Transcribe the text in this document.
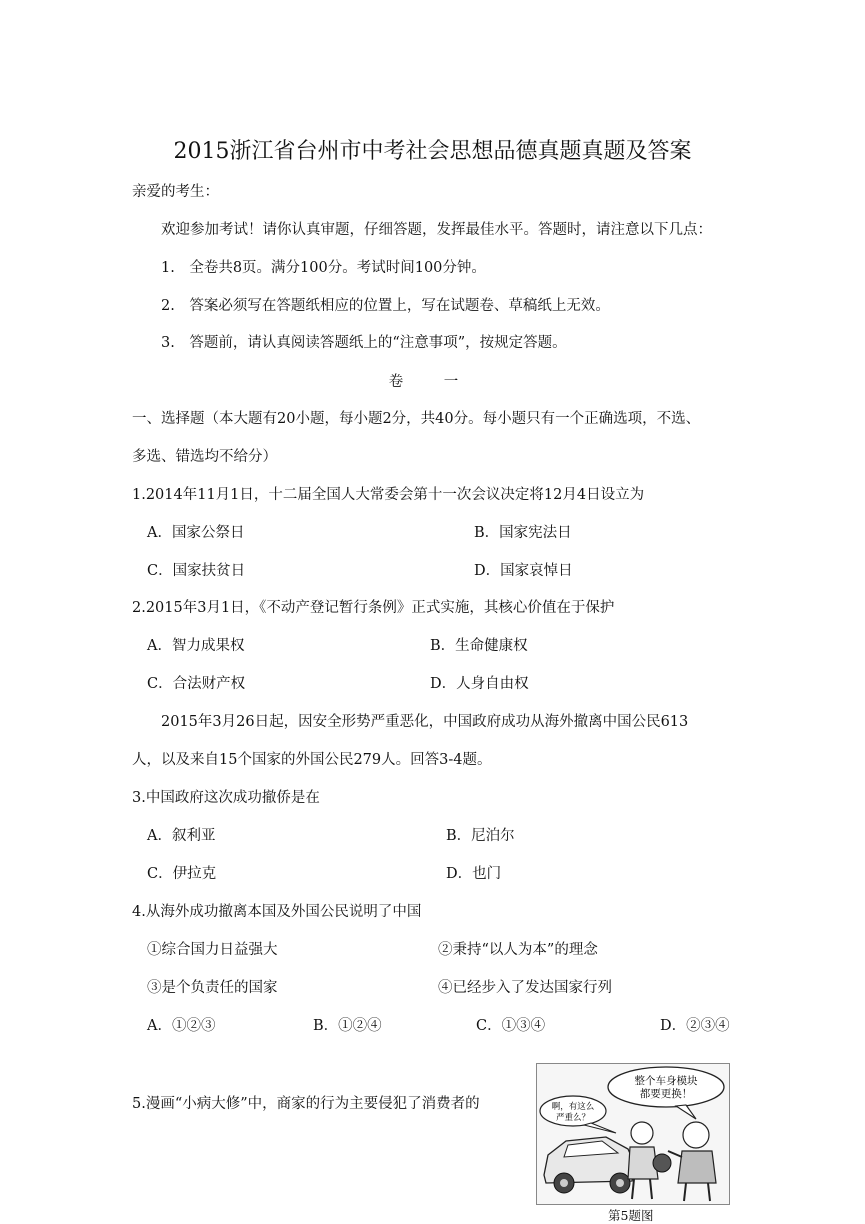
2015浙江省台州市中考社会思想品德真题真题及答案
亲爱的考生：
欢迎参加考试！请你认真审题，仔细答题，发挥最佳水平。答题时，请注意以下几点：
1.　全卷共8页。满分100分。考试时间100分钟。
2.　答案必须写在答题纸相应的位置上，写在试题卷、草稿纸上无效。
3.　答题前，请认真阅读答题纸上的“注意事项”，按规定答题。
卷 一
一、选择题（本大题有20小题，每小题2分，共40分。每小题只有一个正确选项，不选、
多选、错选均不给分）
1.2014年11月1日，十二届全国人大常委会第十一次会议决定将12月4日设立为
A．国家公祭日	B．国家宪法日
C．国家扶贫日	D．国家哀悼日
2.2015年3月1日，《不动产登记暂行条例》正式实施，其核心价值在于保护
A．智力成果权	B．生命健康权
C．合法财产权	D．人身自由权
2015年3月26日起，因安全形势严重恶化，中国政府成功从海外撤离中国公民613
人，以及来自15个国家的外国公民279人。回答3-4题。
3.中国政府这次成功撤侨是在
A．叙利亚	B．尼泊尔
C．伊拉克	D．也门
4.从海外成功撤离本国及外国公民说明了中国
①综合国力日益强大	②秉持“以人为本”的理念
③是个负责任的国家	④已经步入了发达国家行列
A．①②③	B．①②④	C．①③④	D．②③④
5.漫画“小病大修”中，商家的行为主要侵犯了消费者的
整个车身模块
都要更换！
啊，有这么
严重么？
第5题图
